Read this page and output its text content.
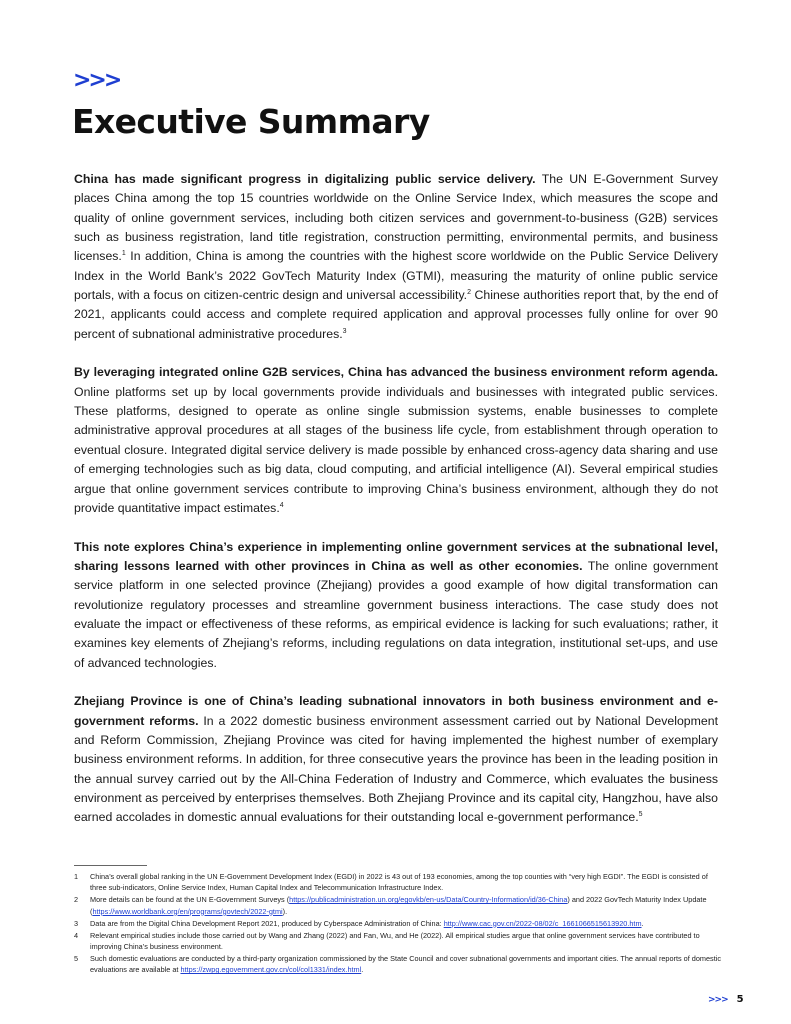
>>>
Executive Summary

China has made significant progress in digitalizing public service delivery. The UN E-Government Survey places China among the top 15 countries worldwide on the Online Service Index, which measures the scope and quality of online government services, including both citizen services and government-to-business (G2B) services such as business registration, land title registration, construction permitting, environmental permits, and business licenses.$^1$ In addition, China is among the countries with the highest score worldwide on the Public Service Delivery Index in the World Bank’s 2022 GovTech Maturity Index (GTMI), measuring the maturity of online public service portals, with a focus on citizen-centric design and universal accessibility.$^2$ Chinese authorities report that, by the end of 2021, applicants could access and complete required application and approval processes fully online for over 90 percent of subnational administrative procedures.$^3$

By leveraging integrated online G2B services, China has advanced the business environment reform agenda. Online platforms set up by local governments provide individuals and businesses with integrated public services. These platforms, designed to operate as online single submission systems, enable businesses to complete administrative approval procedures at all stages of the business life cycle, from establishment through operation to eventual closure. Integrated digital service delivery is made possible by enhanced cross-agency data sharing and use of emerging technologies such as big data, cloud computing, and artificial intelligence (AI). Several empirical studies argue that online government services contribute to improving China’s business environment, although they do not provide quantitative impact estimates.$^4$

This note explores China’s experience in implementing online government services at the subnational level, sharing lessons learned with other provinces in China as well as other economies. The online government service platform in one selected province (Zhejiang) provides a good example of how digital transformation can revolutionize regulatory processes and streamline government business interactions. The case study does not evaluate the impact or effectiveness of these reforms, as empirical evidence is lacking for such evaluations; rather, it examines key elements of Zhejiang’s reforms, including regulations on data integration, institutional set-ups, and use of advanced technologies.

Zhejiang Province is one of China’s leading subnational innovators in both business environment and e-government reforms. In a 2022 domestic business environment assessment carried out by National Development and Reform Commission, Zhejiang Province was cited for having implemented the highest number of exemplary business environment reforms. In addition, for three consecutive years the province has been in the leading position in the annual survey carried out by the All-China Federation of Industry and Commerce, which evaluates the business environment as perceived by enterprises themselves. Both Zhejiang Province and its capital city, Hangzhou, have also earned accolades in domestic annual evaluations for their outstanding local e-government performance.$^5$

1	China’s overall global ranking in the UN E-Government Development Index (EGDI) in 2022 is 43 out of 193 economies, among the top counties with “very high EGDI”. The EGDI is consisted of three sub-indicators, Online Service Index, Human Capital Index and Telecommunication Infrastructure Index.
2	More details can be found at the UN E-Government Surveys (https://publicadministration.un.org/egovkb/en-us/Data/Country-Information/id/36-China) and 2022 GovTech Maturity Index Update (https://www.worldbank.org/en/programs/govtech/2022-gtmi).
3	Data are from the Digital China Development Report 2021, produced by Cyberspace Administration of China: http://www.cac.gov.cn/2022-08/02/c_1661066515613920.htm.
4	Relevant empirical studies include those carried out by Wang and Zhang (2022) and Fan, Wu, and He (2022). All empirical studies argue that online government services have contributed to improving China’s business environment.
5	Such domestic evaluations are conducted by a third-party organization commissioned by the State Council and cover subnational governments and important cities. The annual reports of domestic evaluations are available at https://zwpg.egovernment.gov.cn/col/col1331/index.html.
>>> 5
